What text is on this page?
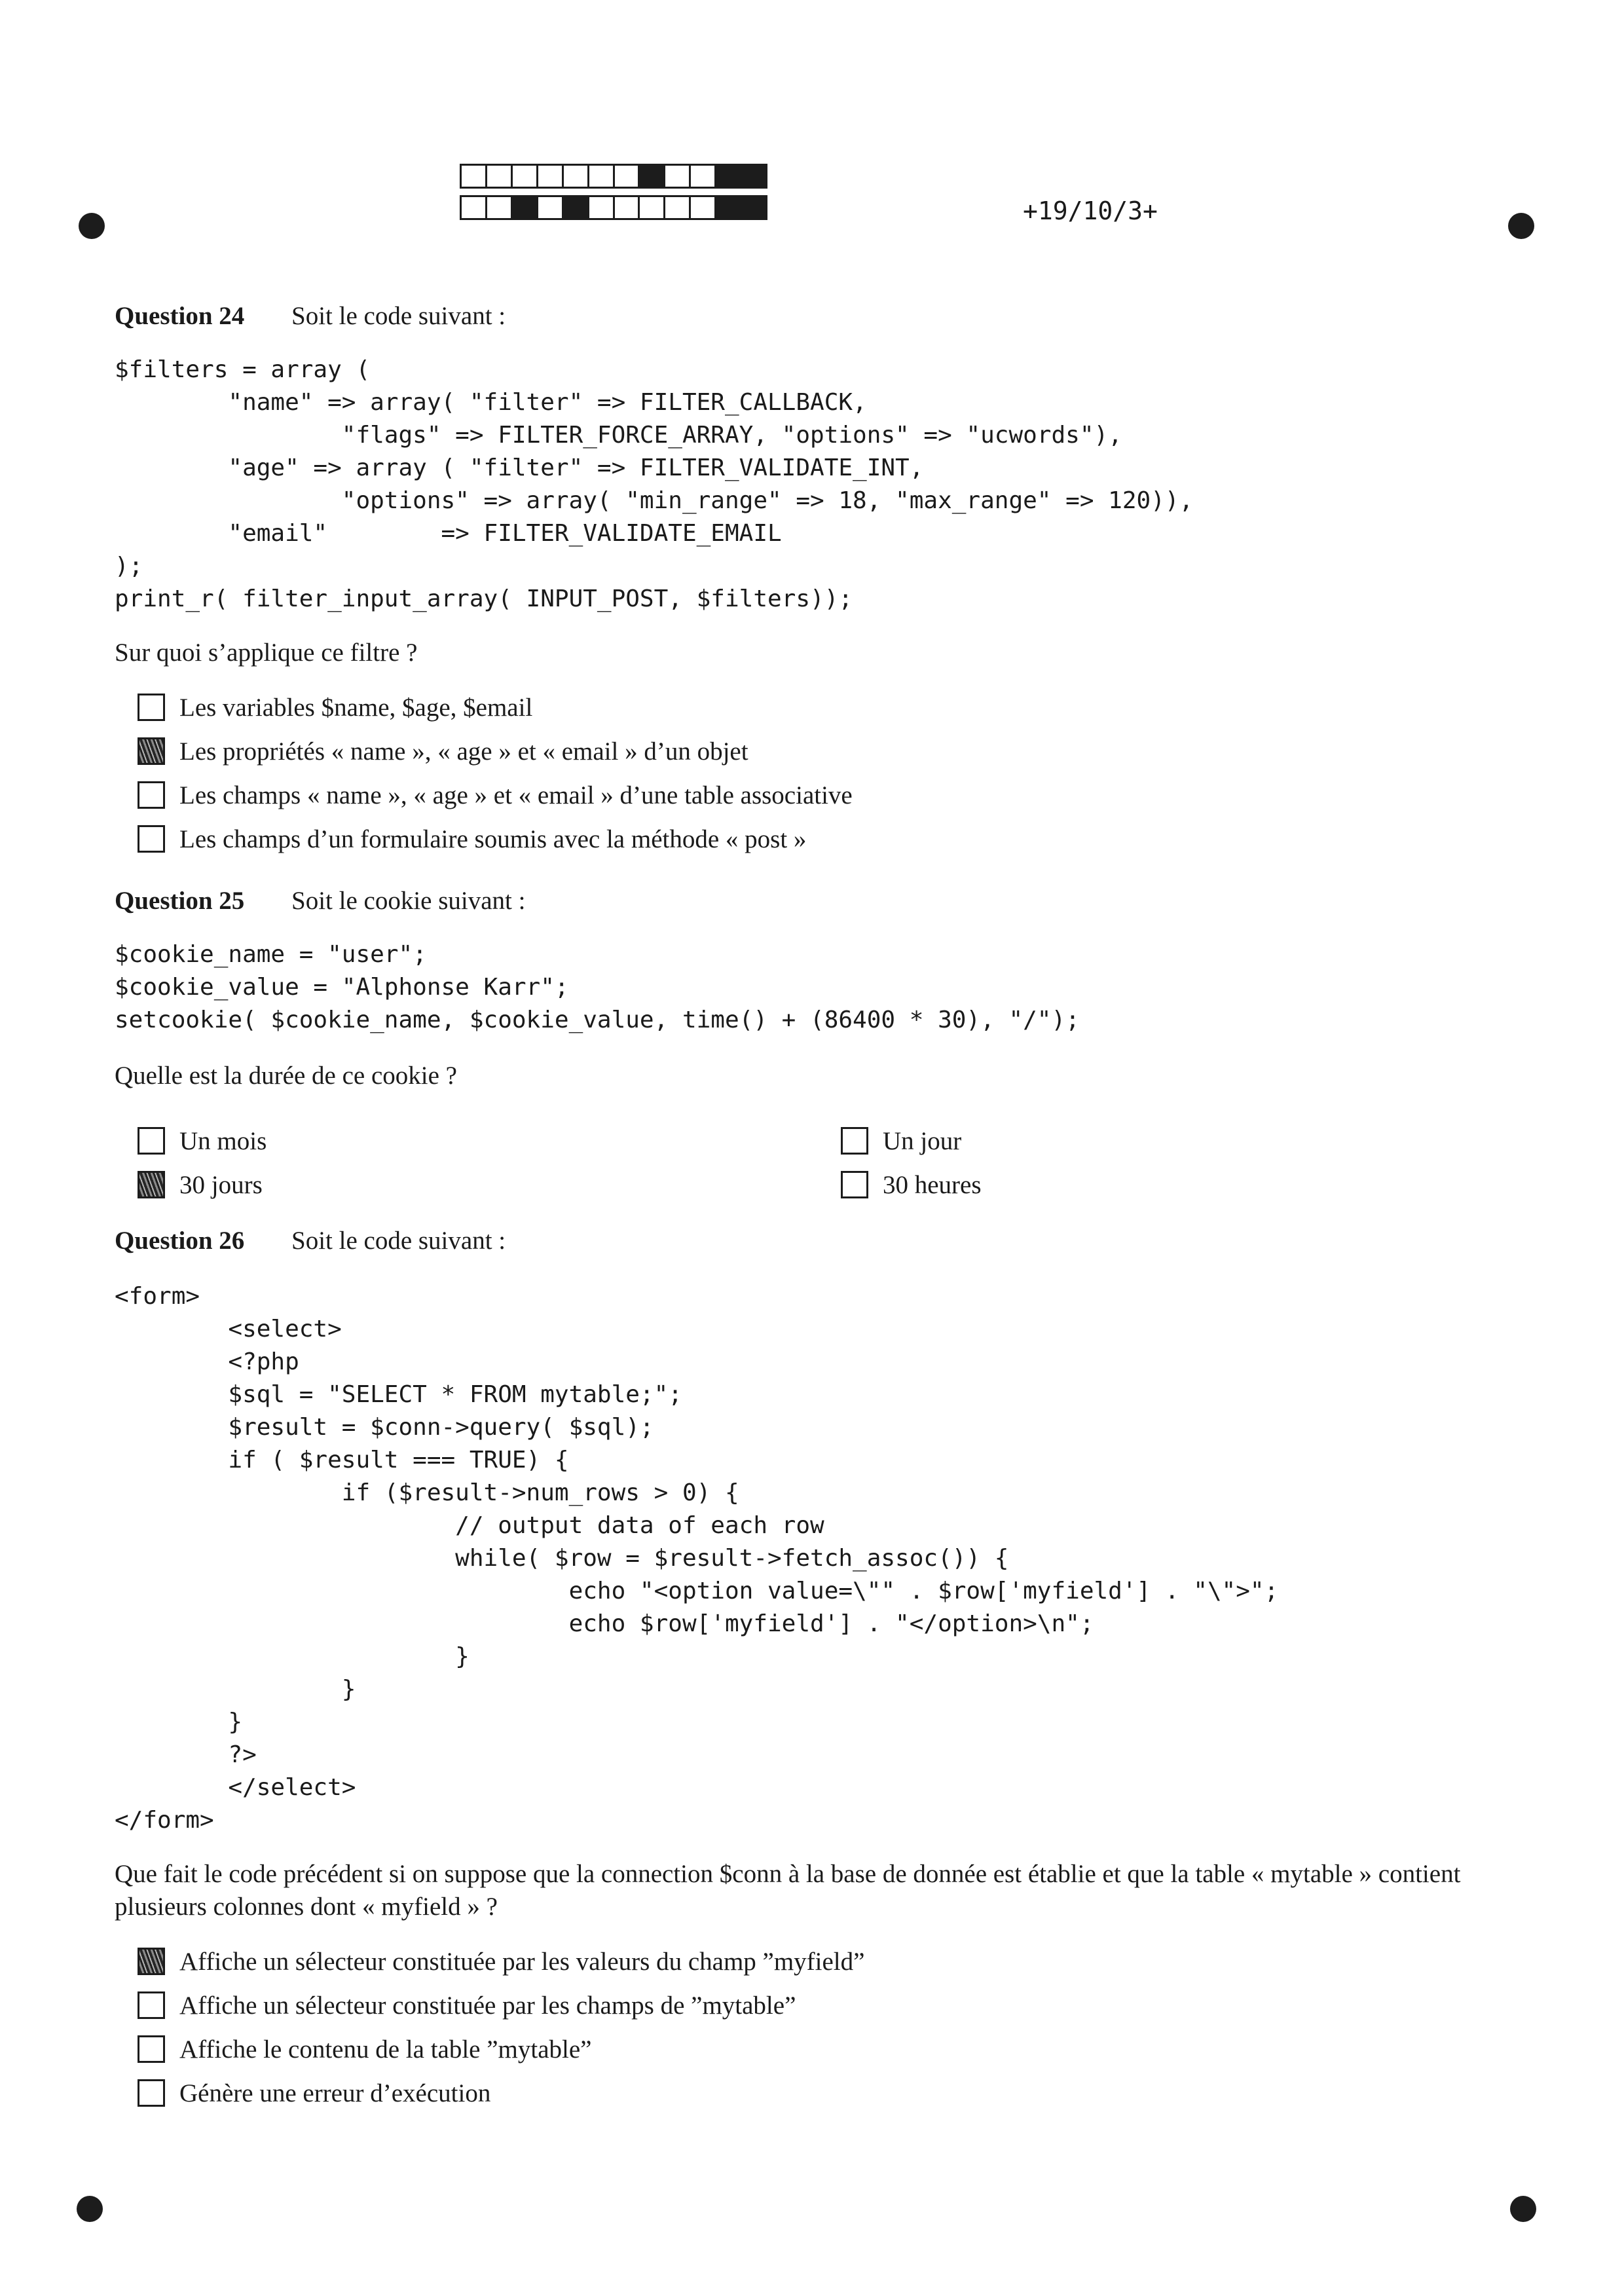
+19/10/3+
Question 24 Soit le code suivant :
$filters = array (
"name" => array( "filter" => FILTER_CALLBACK,
"flags" => FILTER_FORCE_ARRAY, "options" => "ucwords"),
"age" => array ( "filter" => FILTER_VALIDATE_INT,
"options" => array( "min_range" => 18, "max_range" => 120)),
"email"        => FILTER_VALIDATE_EMAIL
);
print_r( filter_input_array( INPUT_POST, $filters));
Sur quoi s’applique ce filtre ?
Les variables $name, $age, $email
Les propriétés « name », « age » et « email » d’un objet
Les champs « name », « age » et « email » d’une table associative
Les champs d’un formulaire soumis avec la méthode « post »
Question 25 Soit le cookie suivant :
$cookie_name = "user";
$cookie_value = "Alphonse Karr";
setcookie( $cookie_name, $cookie_value, time() + (86400 * 30), "/");
Quelle est la durée de ce cookie ?
Un mois	Un jour
30 jours	30 heures
Question 26 Soit le code suivant :
<form>
<select>
<?php
$sql = "SELECT * FROM mytable;";
$result = $conn->query( $sql);
if ( $result === TRUE) {
if ($result->num_rows > 0) {
// output data of each row
while( $row = $result->fetch_assoc()) {
echo "<option value=\"" . $row['myfield'] . "\">";
echo $row['myfield'] . "</option>\n";
}
}
}
?>
</select>
</form>
Que fait le code précédent si on suppose que la connection $conn à la base de donnée est établie et que la table « mytable » contient plusieurs colonnes dont « myfield » ?
Affiche un sélecteur constituée par les valeurs du champ ”myfield”
Affiche un sélecteur constituée par les champs de ”mytable”
Affiche le contenu de la table ”mytable”
Génère une erreur d’exécution
